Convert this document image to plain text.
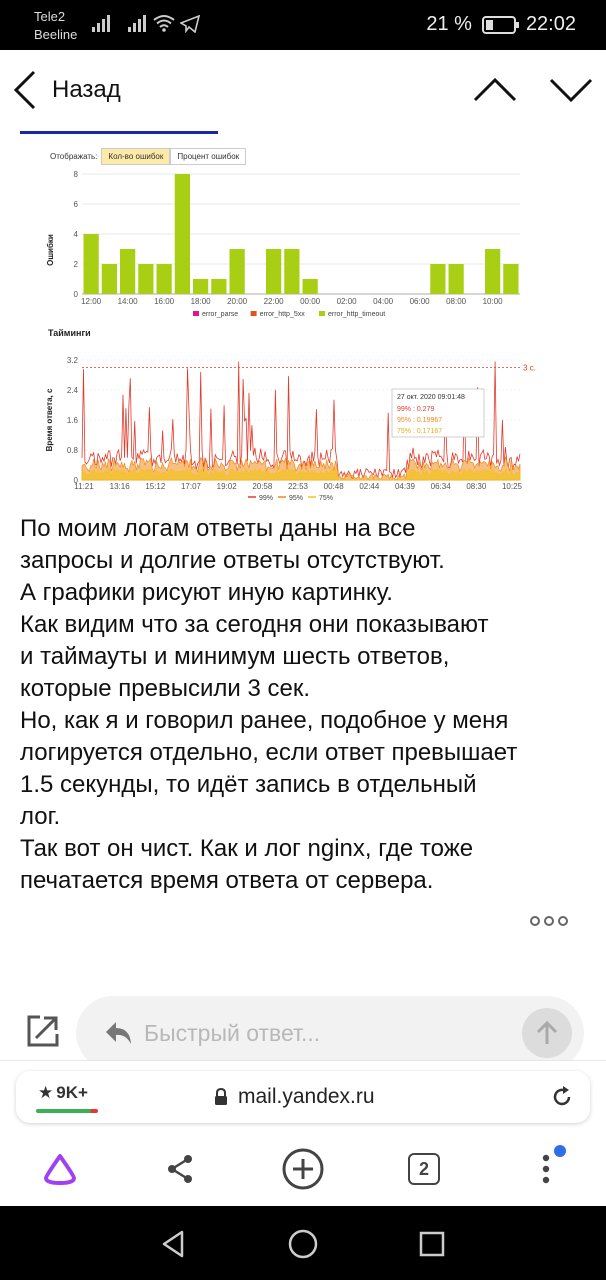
Tele2
Beeline	21 %	22:02
Назад
Отображать:	Кол-во ошибок	Процент ошибок
Ошибки
0
2
4
6
8
12:00 14:00 16:00 18:00 20:00 22:00 00:00 02:00 04:00 06:00 08:00 10:00
error_parse	error_http_5xx	error_http_timeout
Тайминги
Время ответа, с
0
0.8
1.6
2.4
3.2
11:21 13:16 15:12 17:07 19:02 20:58 22:53 00:48 02:44 04:39 06:34 08:30 10:25
3 с.
99% 95% 75%
27 окт. 2020 09:01:48
99% : 0.279
95% : 0.19967
75% : 0.17167

По моим логам ответы даны на все

запросы и долгие ответы отсутствуют.

А графики рисуют иную картинку.

Как видим что за сегодня они показывают

и таймауты и минимум шесть ответов,

которые превысили 3 сек.

Но, как я и говорил ранее, подобное у меня

логируется отдельно, если ответ превышает

1.5 секунды, то идёт запись в отдельный

лог.

Так вот он чист. Как и лог nginx, где тоже

печатается время ответа от сервера.

Быстрый ответ...
★ 9K+	mail.yandex.ru
2
